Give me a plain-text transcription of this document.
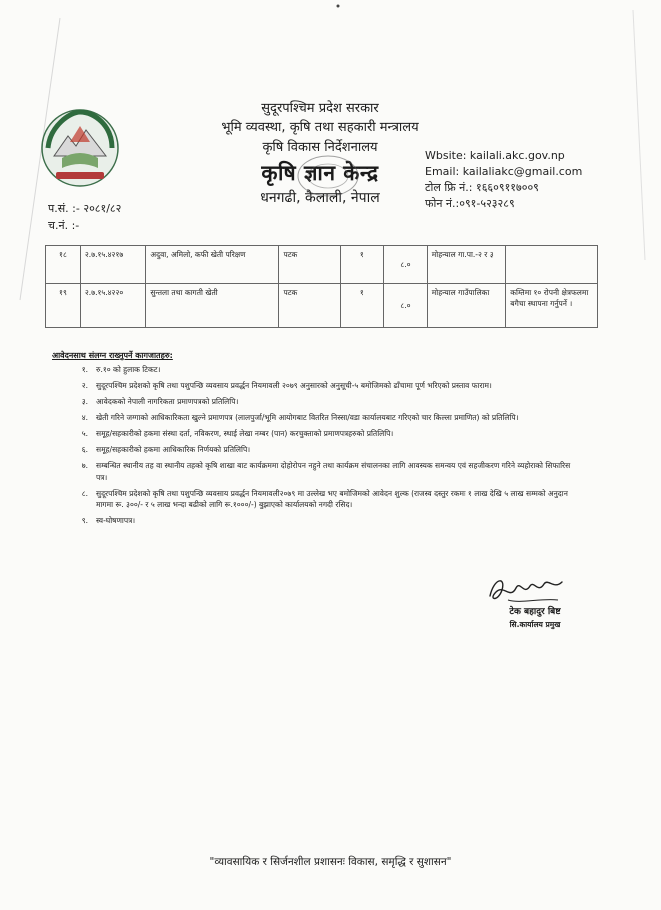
सुदूरपश्चिम प्रदेश सरकार
भूमि व्यवस्था, कृषि तथा सहकारी मन्त्रालय
कृषि विकास निर्देशनालय
कृषि ज्ञान केन्द्र
धनगढी, कैलाली, नेपाल
Wbsite: kailali.akc.gov.np
Email: kailaliakc@gmail.com
टोल फ्रि नं.: १६६०९११७००९
फोन नं.:०९१-५२३२८९
प.सं. :- २०८१/८२
च.नं. :-
१८	२.७.१५.४२१७	अदुवा, अमिलो, कफी खेती परिक्षण	पटक	१	८.०	मोहन्याल गा.पा.-२ र ३	
१९	२.७.१५.४२२०	सुन्तला तथा कागती खेती	पटक	१	८.०	मोहन्याल गाउँपालिका	कम्तिमा १० रोपनी क्षेत्रफलमा बगैचा स्थापना गर्नुपर्ने ।
आवेदनसाथ संलग्न राख्नुपर्ने कागजातहरु:
१.	रु.१० को हुलाक टिकट।
२.	सुदूरपश्चिम प्रदेशको कृषि तथा पशुपन्छि व्यवसाय प्रवर्द्धन नियमावली २०७९ अनुसारको अनुसूची-५ बमोजिमको ढाँचामा पूर्ण भरिएको प्रस्ताव फाराम।
३.	आवेदकको नेपाली नागरिकता प्रमाणपत्रको प्रतिलिपि।
४.	खेती गरिने जग्गाको आधिकारिकता खुल्ने प्रमाणपत्र (लालपुर्जा/भूमि आयोगबाट वितरित निस्सा/वडा कार्यालयबाट गरिएको चार किल्ला प्रमाणित) को प्रतिलिपि।
५.	समूह/सहकारीको हकमा संस्था दर्ता, नविकरण, स्थाई लेखा नम्बर (पान) करचुक्ताको प्रमाणपत्रहरुको प्रतिलिपि।
६.	समूह/सहकारीको हकमा आधिकारिक निर्णयको प्रतिलिपि।
७.	सम्बन्धित स्थानीय तह वा स्थानीय तहको कृषि शाखा बाट कार्यक्रममा दोहोरोपन नहुने तथा कार्यक्रम संचालनका लागि आवस्यक समन्वय एवं सहजीकरण गरिने व्यहोराको सिफारिस पत्र।
८.	सुदूरपश्चिम प्रदेशको कृषि तथा पशुपन्छि व्यवसाय प्रवर्द्धन नियमावली२०७९ मा उल्लेख भए बमोजिमको आवेदन शुल्क (राजस्व दस्तुर रकमः १ लाख देखि ५ लाख सम्मको अनुदान मागमा रू. ३००/- र ५ लाख भन्दा बढीको लागि रू.१०००/-) बुझाएको कार्यालयको नगदी रसिद।
९.	स्व-घोषणापत्र।
टेक बहादुर बिष्ट
सि.कार्यालय प्रमुख
"व्यावसायिक र सिर्जनशील प्रशासनः विकास, समृद्धि र सुशासन"
